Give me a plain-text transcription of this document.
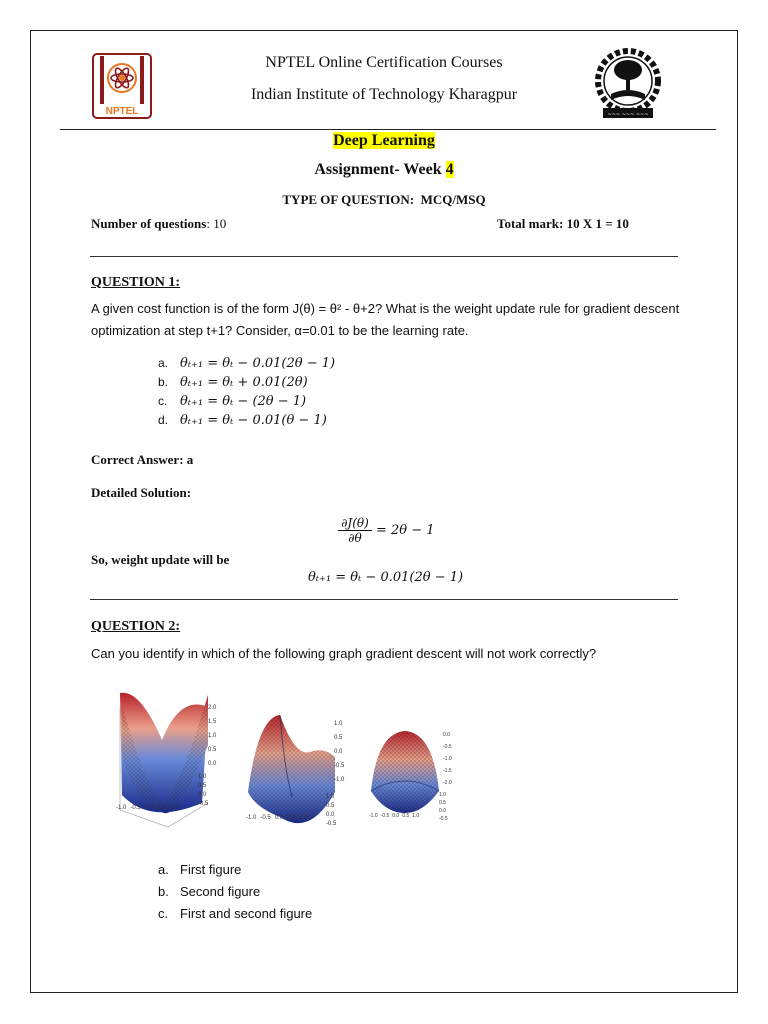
NPTEL
NPTEL Online Certification Courses
Indian Institute of Technology Kharagpur
~~~ ~~~ ~~~
Deep Learning
Assignment- Week 4
TYPE OF QUESTION:  MCQ/MSQ
Number of questions: 10	Total mark: 10 X 1 = 10
QUESTION 1:
A given cost function is of the form J(θ) = θ² - θ+2? What is the weight update rule for gradient descent optimization at step t+1? Consider, α=0.01 to be the learning rate.
a. θₜ₊₁ = θₜ − 0.01(2θ − 1)
b. θₜ₊₁ = θₜ + 0.01(2θ)
c. θₜ₊₁ = θₜ − (2θ − 1)
d. θₜ₊₁ = θₜ − 0.01(θ − 1)
Correct Answer: a
Detailed Solution:
∂J(θ)
∂θ = 2θ − 1
So, weight update will be
θₜ₊₁ = θₜ − 0.01(2θ − 1)
QUESTION 2:
Can you identify in which of the following graph gradient descent will not work correctly?
2.0
1.5
1.0
0.5
0.0
1.0
0.5
0.0
-0.5
-1.0 -0.5 0.0 0.5 1.0
1.0
0.5
0.0
-0.5
-1.0
1.0
0.5
0.0
-0.5
-1.0 -0.5 0.0 0.5 1.0
0.0
-0.5
-1.0
-1.5
-2.0
1.0
0.5
0.0
-0.5
-1.0 -0.5 0.0 0.5 1.0
a. First figure
b. Second figure
c. First and second figure
